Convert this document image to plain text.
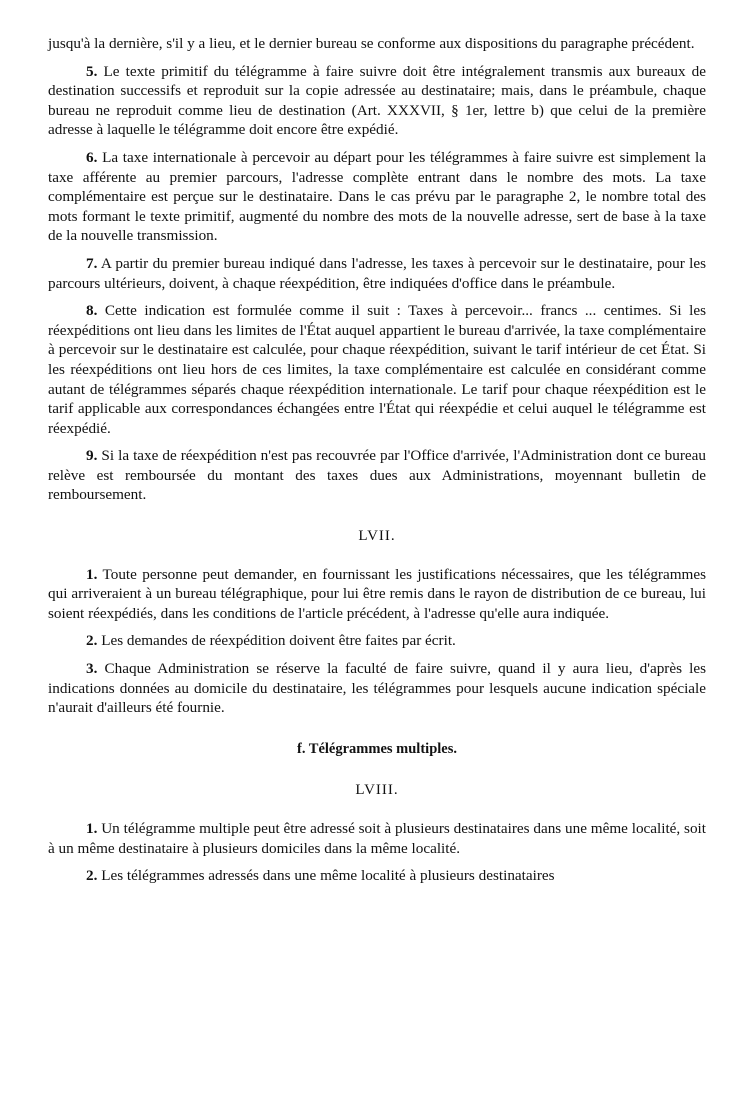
jusqu'à la dernière, s'il y a lieu, et le dernier bureau se conforme aux dispositions du paragraphe précédent.

5. Le texte primitif du télégramme à faire suivre doit être intégralement transmis aux bureaux de destination successifs et reproduit sur la copie adressée au destinataire; mais, dans le préambule, chaque bureau ne reproduit comme lieu de destination (Art. XXXVII, § 1er, lettre b) que celui de la première adresse à laquelle le télégramme doit encore être expédié.

6. La taxe internationale à percevoir au départ pour les télégrammes à faire suivre est simplement la taxe afférente au premier parcours, l'adresse complète entrant dans le nombre des mots. La taxe complémentaire est perçue sur le destinataire. Dans le cas prévu par le paragraphe 2, le nombre total des mots formant le texte primitif, augmenté du nombre des mots de la nouvelle adresse, sert de base à la taxe de la nouvelle transmission.

7. A partir du premier bureau indiqué dans l'adresse, les taxes à percevoir sur le destinataire, pour les parcours ultérieurs, doivent, à chaque réexpédition, être indiquées d'office dans le préambule.

8. Cette indication est formulée comme il suit : Taxes à percevoir... francs ... centimes. Si les réexpéditions ont lieu dans les limites de l'État auquel appartient le bureau d'arrivée, la taxe complémentaire à percevoir sur le destinataire est calculée, pour chaque réexpédition, suivant le tarif intérieur de cet État. Si les réexpéditions ont lieu hors de ces limites, la taxe complémentaire est calculée en considérant comme autant de télégrammes séparés chaque réexpédition internationale. Le tarif pour chaque réexpédition est le tarif applicable aux correspondances échangées entre l'État qui réexpédie et celui auquel le télégramme est réexpédié.

9. Si la taxe de réexpédition n'est pas recouvrée par l'Office d'arrivée, l'Administration dont ce bureau relève est remboursée du montant des taxes dues aux Administrations, moyennant bulletin de remboursement.

LVII.

1. Toute personne peut demander, en fournissant les justifications nécessaires, que les télégrammes qui arriveraient à un bureau télégraphique, pour lui être remis dans le rayon de distribution de ce bureau, lui soient réexpédiés, dans les conditions de l'article précédent, à l'adresse qu'elle aura indiquée.

2. Les demandes de réexpédition doivent être faites par écrit.

3. Chaque Administration se réserve la faculté de faire suivre, quand il y aura lieu, d'après les indications données au domicile du destinataire, les télégrammes pour lesquels aucune indication spéciale n'aurait d'ailleurs été fournie.

f. Télégrammes multiples.
LVIII.

1. Un télégramme multiple peut être adressé soit à plusieurs destinataires dans une même localité, soit à un même destinataire à plusieurs domiciles dans la même localité.

2. Les télégrammes adressés dans une même localité à plusieurs destinataires
